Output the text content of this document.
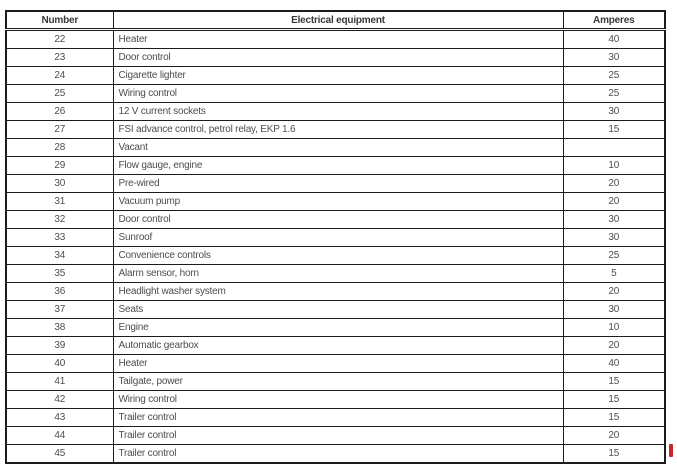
Number	Electrical equipment	Amperes
22	Heater	40
23	Door control	30
24	Cigarette lighter	25
25	Wiring control	25
26	12 V current sockets	30
27	FSI advance control, petrol relay, EKP 1.6	15
28	Vacant	
29	Flow gauge, engine	10
30	Pre-wired	20
31	Vacuum pump	20
32	Door control	30
33	Sunroof	30
34	Convenience controls	25
35	Alarm sensor, horn	5
36	Headlight washer system	20
37	Seats	30
38	Engine	10
39	Automatic gearbox	20
40	Heater	40
41	Tailgate, power	15
42	Wiring control	15
43	Trailer control	15
44	Trailer control	20
45	Trailer control	15
